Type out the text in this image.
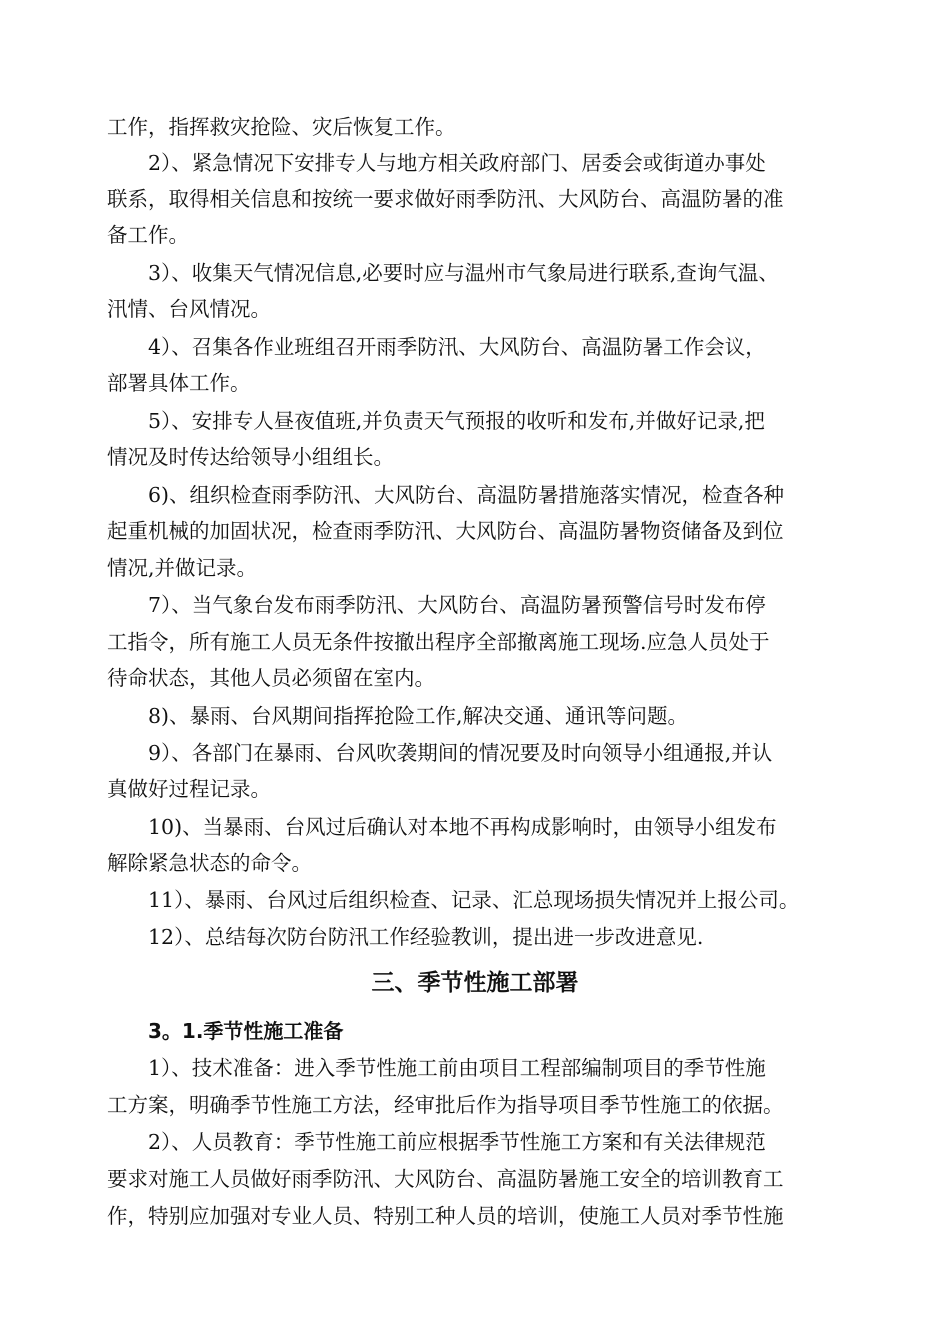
工作，指挥救灾抢险、灾后恢复工作。
2）、紧急情况下安排专人与地方相关政府部门、居委会或街道办事处
联系，取得相关信息和按统一要求做好雨季防汛、大风防台、高温防暑的准
备工作。
3）、收集天气情况信息,必要时应与温州市气象局进行联系,查询气温、
汛情、台风情况。
4）、召集各作业班组召开雨季防汛、大风防台、高温防暑工作会议，
部署具体工作。
5）、安排专人昼夜值班,并负责天气预报的收听和发布,并做好记录,把
情况及时传达给领导小组组长。
6)、组织检查雨季防汛、大风防台、高温防暑措施落实情况，检查各种
起重机械的加固状况，检查雨季防汛、大风防台、高温防暑物资储备及到位
情况,并做记录。
7）、当气象台发布雨季防汛、大风防台、高温防暑预警信号时发布停
工指令，所有施工人员无条件按撤出程序全部撤离施工现场.应急人员处于
待命状态，其他人员必须留在室内。
8)、暴雨、台风期间指挥抢险工作,解决交通、通讯等问题。
9）、各部门在暴雨、台风吹袭期间的情况要及时向领导小组通报,并认
真做好过程记录。
10)、当暴雨、台风过后确认对本地不再构成影响时，由领导小组发布
解除紧急状态的命令。
11）、暴雨、台风过后组织检查、记录、汇总现场损失情况并上报公司。
12）、总结每次防台防汛工作经验教训，提出进一步改进意见.
三、季节性施工部署
3。1.季节性施工准备
1）、技术准备：进入季节性施工前由项目工程部编制项目的季节性施
工方案，明确季节性施工方法，经审批后作为指导项目季节性施工的依据。
2）、人员教育：季节性施工前应根据季节性施工方案和有关法律规范
要求对施工人员做好雨季防汛、大风防台、高温防暑施工安全的培训教育工
作，特别应加强对专业人员、特别工种人员的培训，使施工人员对季节性施
